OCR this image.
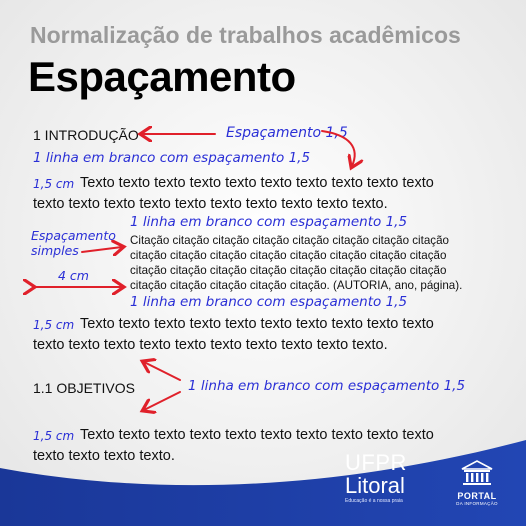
Normalização de trabalhos acadêmicos
Espaçamento
1 INTRODUÇÃO	Espaçamento 1,5
1 linha em branco com espaçamento 1,5
1,5 cm Texto texto texto texto texto texto texto texto texto texto
texto texto texto texto texto texto texto texto texto texto.
1 linha em branco com espaçamento 1,5
Espaçamento
simples
4 cm
Citação citação citação citação citação citação citação citação
citação citação citação citação citação citação citação citação
citação citação citação citação citação citação citação citação
citação citação citação citação citação. (AUTORIA, ano, página).
1 linha em branco com espaçamento 1,5
1,5 cm Texto texto texto texto texto texto texto texto texto texto
texto texto texto texto texto texto texto texto texto texto.
1.1 OBJETIVOS	1 linha em branco com espaçamento 1,5
1,5 cm Texto texto texto texto texto texto texto texto texto texto
texto texto texto texto.	UFPR
Litoral
Educação é a nossa praia	PORTAL
DA INFORMAÇÃO
